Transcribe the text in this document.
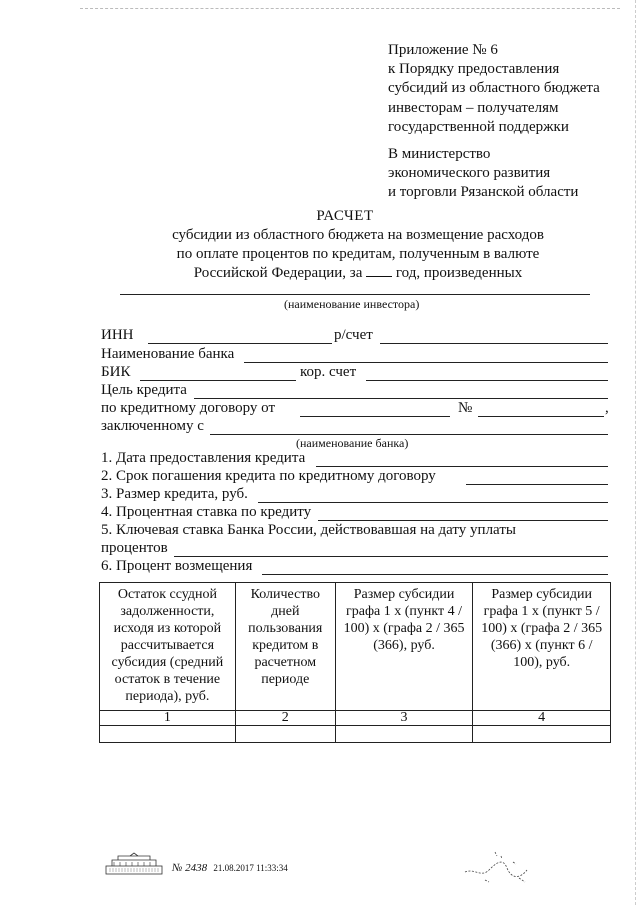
Приложение № 6
к Порядку предоставления
субсидий из областного бюджета
инвесторам – получателям
государственной поддержки
В министерство
экономического развития
и торговли Рязанской области
РАСЧЕТ
субсидии из областного бюджета на возмещение расходов
по оплате процентов по кредитам, полученным в валюте
Российской Федерации, за год, произведенных
(наименование инвестора)
ИНН	р/счет
Наименование банка
БИК	кор. счет
Цель кредита
по кредитному договору от	№	,
заключенному с
(наименование банка)
1. Дата предоставления кредита
2. Срок погашения кредита по кредитному договору
3. Размер кредита, руб.
4. Процентная ставка по кредиту
5. Ключевая ставка Банка России, действовавшая на дату уплаты
процентов
6. Процент возмещения
Остаток ссудной задолженности, исходя из которой рассчитывается субсидия (средний остаток в течение периода), руб.	Количество дней пользования кредитом в расчетном периоде	Размер субсидии графа 1 х (пункт 4 / 100) х (графа 2 / 365 (366), руб.	Размер субсидии графа 1 х (пункт 5 / 100) х (графа 2 / 365 (366) х (пункт 6 / 100), руб.
1	2	3	4

№ 2438 21.08.2017 11:33:34
